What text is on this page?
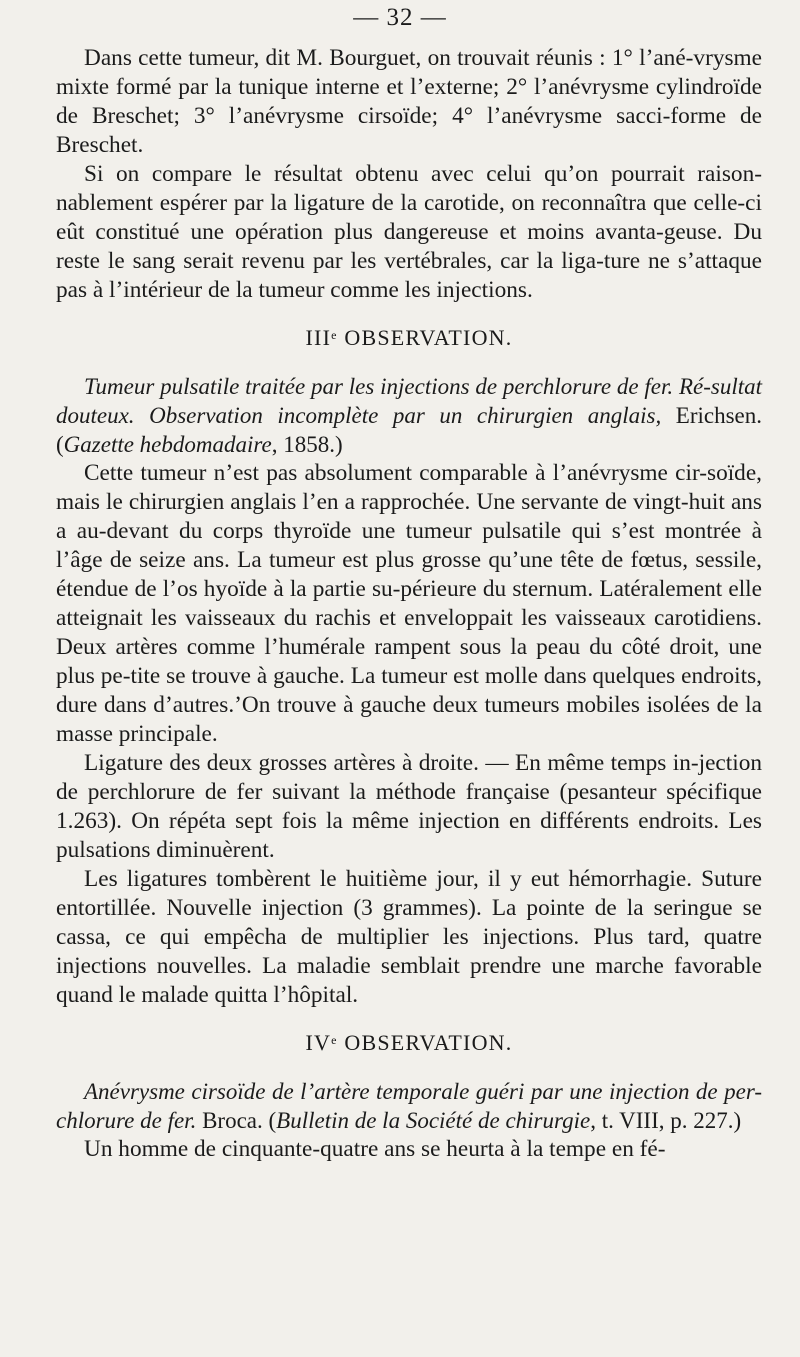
— 32 —

Dans cette tumeur, dit M. Bourguet, on trouvait réunis : 1° l’ané-vrysme mixte formé par la tunique interne et l’externe; 2° l’anévrysme cylindroïde de Breschet; 3° l’anévrysme cirsoïde; 4° l’anévrysme sacci-forme de Breschet.

Si on compare le résultat obtenu avec celui qu’on pourrait raison-nablement espérer par la ligature de la carotide, on reconnaîtra que celle-ci eût constitué une opération plus dangereuse et moins avanta-geuse. Du reste le sang serait revenu par les vertébrales, car la liga-ture ne s’attaque pas à l’intérieur de la tumeur comme les injections.

IIIe OBSERVATION.

Tumeur pulsatile traitée par les injections de perchlorure de fer. Ré-sultat douteux. Observation incomplète par un chirurgien anglais, Erichsen. (Gazette hebdomadaire, 1858.)

Cette tumeur n’est pas absolument comparable à l’anévrysme cir-soïde, mais le chirurgien anglais l’en a rapprochée. Une servante de vingt-huit ans a au-devant du corps thyroïde une tumeur pulsatile qui s’est montrée à l’âge de seize ans. La tumeur est plus grosse qu’une tête de fœtus, sessile, étendue de l’os hyoïde à la partie su-périeure du sternum. Latéralement elle atteignait les vaisseaux du rachis et enveloppait les vaisseaux carotidiens. Deux artères comme l’humérale rampent sous la peau du côté droit, une plus pe-tite se trouve à gauche. La tumeur est molle dans quelques endroits, dure dans d’autres.’On trouve à gauche deux tumeurs mobiles isolées de la masse principale.

Ligature des deux grosses artères à droite. — En même temps in-jection de perchlorure de fer suivant la méthode française (pesanteur spécifique 1.263). On répéta sept fois la même injection en différents endroits. Les pulsations diminuèrent.

Les ligatures tombèrent le huitième jour, il y eut hémorrhagie. Suture entortillée. Nouvelle injection (3 grammes). La pointe de la seringue se cassa, ce qui empêcha de multiplier les injections. Plus tard, quatre injections nouvelles. La maladie semblait prendre une marche favorable quand le malade quitta l’hôpital.

IVe OBSERVATION.

Anévrysme cirsoïde de l’artère temporale guéri par une injection de per-chlorure de fer. Broca. (Bulletin de la Société de chirurgie, t. VIII, p. 227.)

Un homme de cinquante-quatre ans se heurta à la tempe en fé-
